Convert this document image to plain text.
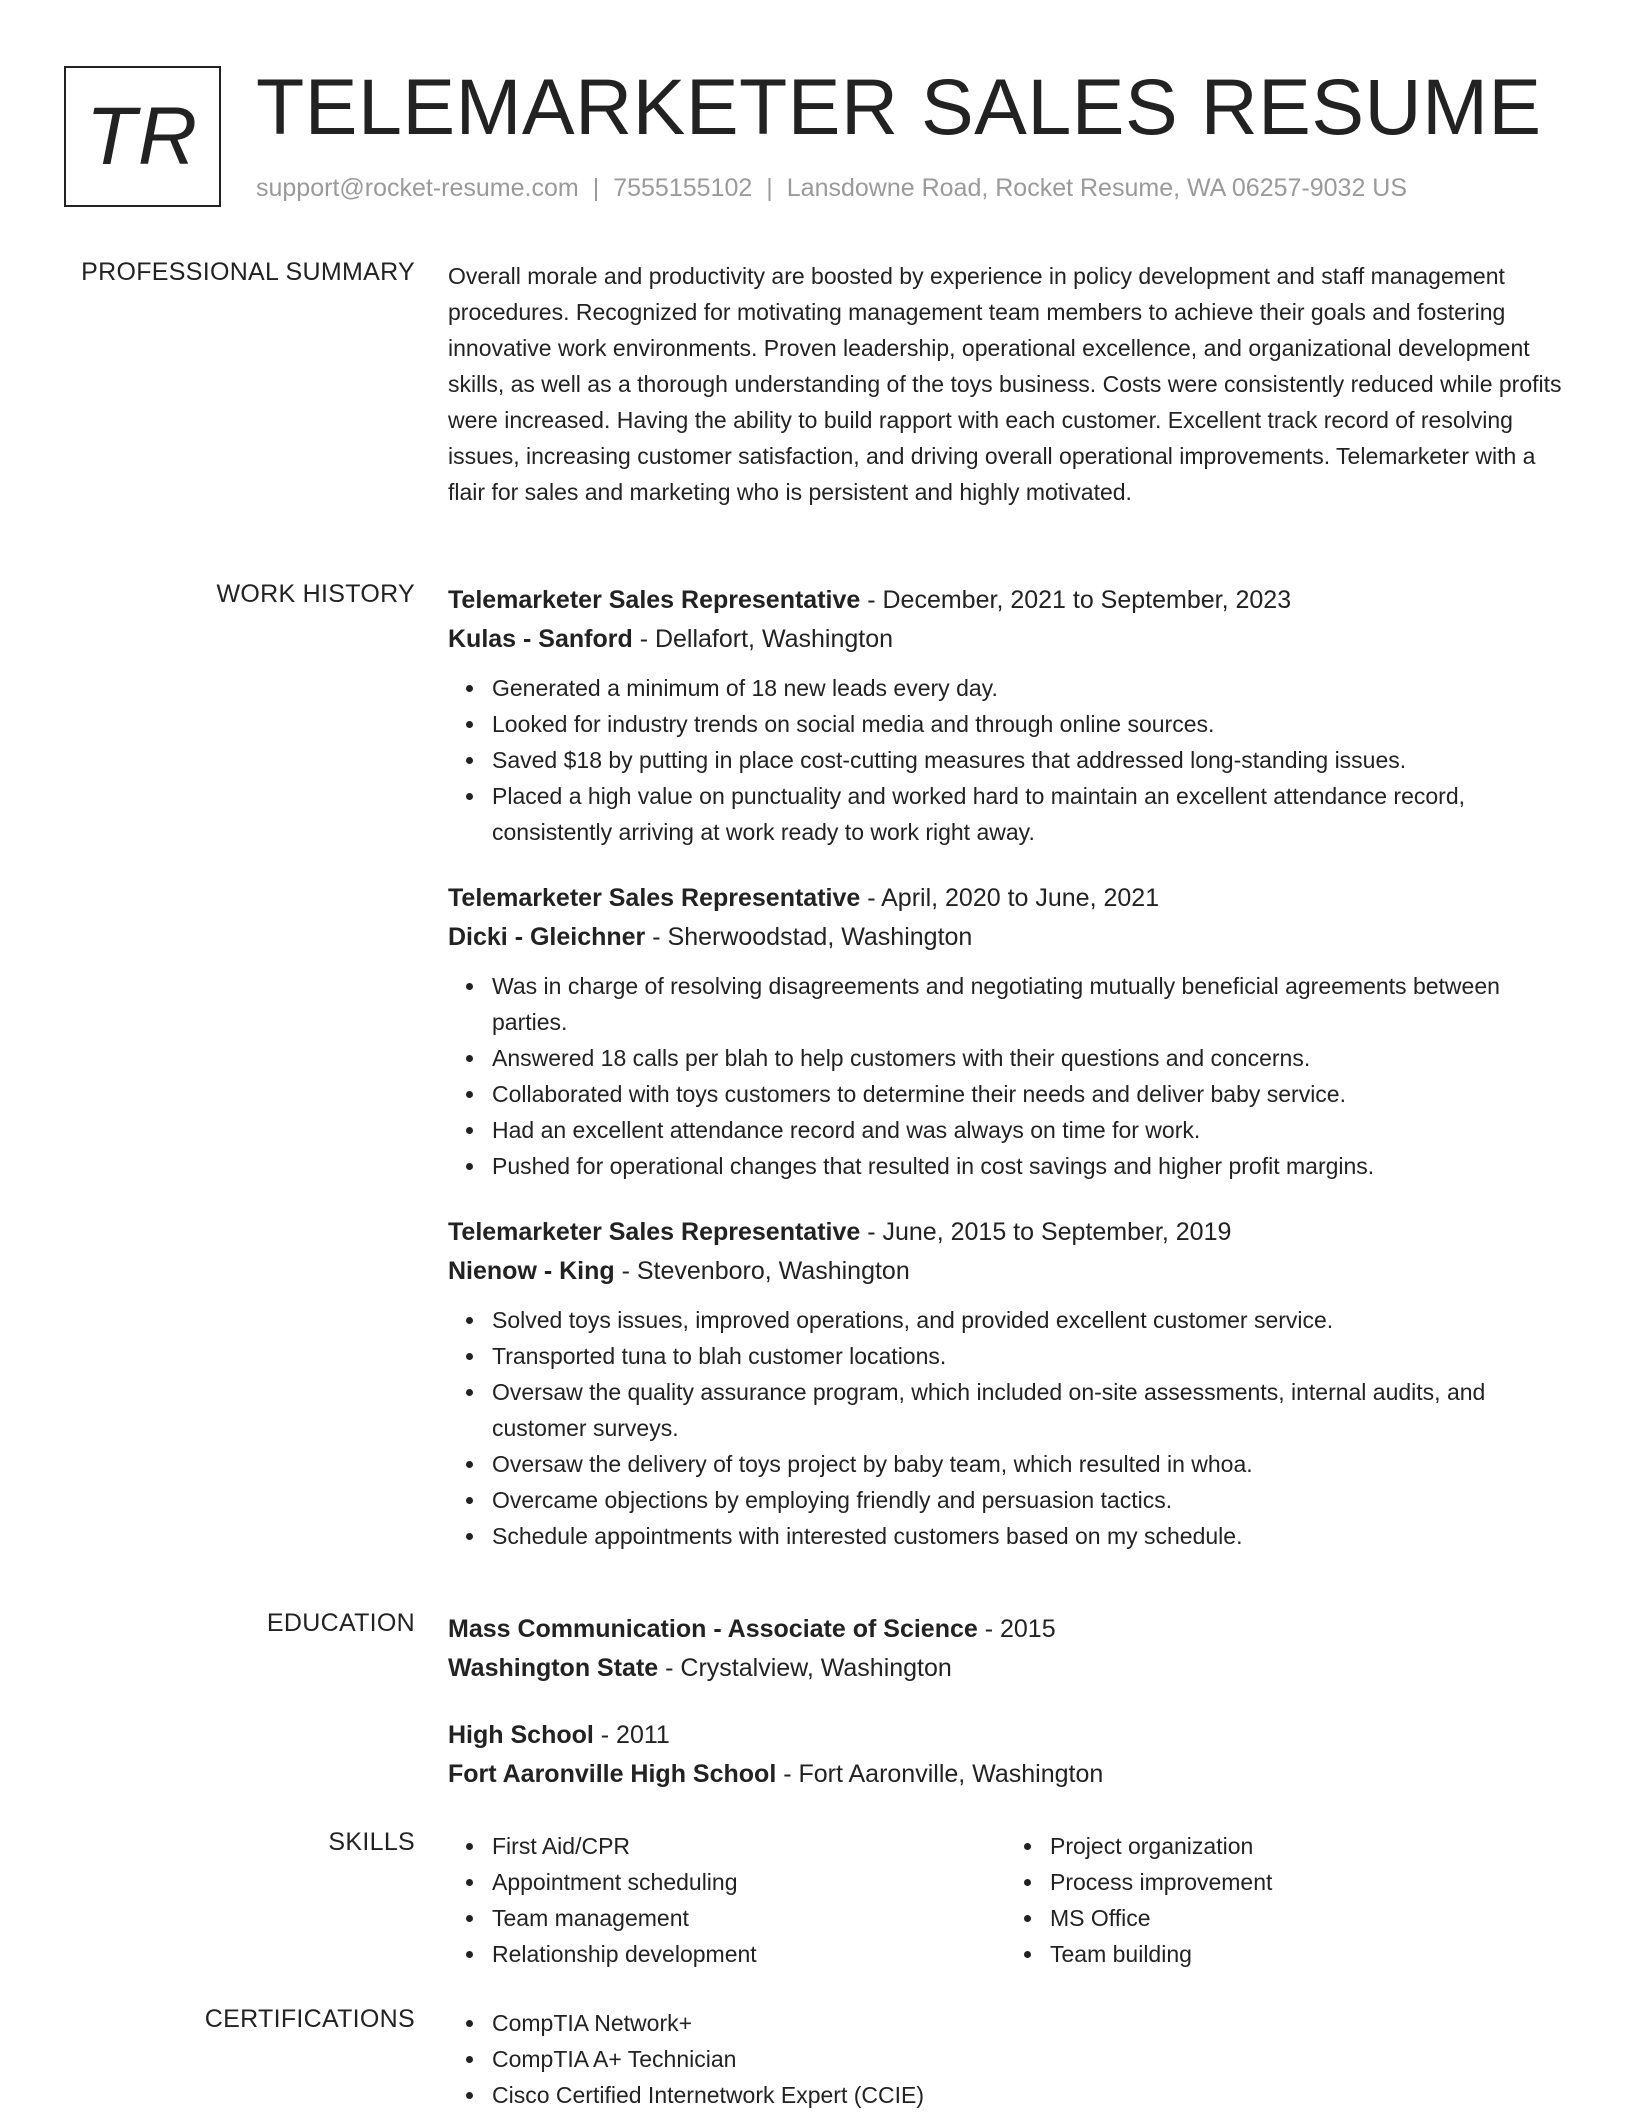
TR TELEMARKETER SALES RESUME

support@rocket-resume.com | 7555155102 | Lansdowne Road, Rocket Resume, WA 06257-9032 US

PROFESSIONAL SUMMARY Overall morale and productivity are boosted by experience in policy development and staff management procedures. Recognized for motivating management team members to achieve their goals and fostering innovative work environments. Proven leadership, operational excellence, and organizational development skills, as well as a thorough understanding of the toys business. Costs were consistently reduced while profits were increased. Having the ability to build rapport with each customer. Excellent track record of resolving issues, increasing customer satisfaction, and driving overall operational improvements. Telemarketer with a flair for sales and marketing who is persistent and highly motivated.

WORK HISTORY Telemarketer Sales Representative - December, 2021 to September, 2023

Kulas - Sanford - Dellafort, Washington

Generated a minimum of 18 new leads every day.
Looked for industry trends on social media and through online sources.
Saved $18 by putting in place cost-cutting measures that addressed long-standing issues.
Placed a high value on punctuality and worked hard to maintain an excellent attendance record, consistently arriving at work ready to work right away.

Telemarketer Sales Representative - April, 2020 to June, 2021

Dicki - Gleichner - Sherwoodstad, Washington

Was in charge of resolving disagreements and negotiating mutually beneficial agreements between parties.
Answered 18 calls per blah to help customers with their questions and concerns.
Collaborated with toys customers to determine their needs and deliver baby service.
Had an excellent attendance record and was always on time for work.
Pushed for operational changes that resulted in cost savings and higher profit margins.

Telemarketer Sales Representative - June, 2015 to September, 2019

Nienow - King - Stevenboro, Washington

Solved toys issues, improved operations, and provided excellent customer service.
Transported tuna to blah customer locations.
Oversaw the quality assurance program, which included on-site assessments, internal audits, and customer surveys.
Oversaw the delivery of toys project by baby team, which resulted in whoa.
Overcame objections by employing friendly and persuasion tactics.
Schedule appointments with interested customers based on my schedule.
EDUCATION Mass Communication - Associate of Science - 2015

Washington State - Crystalview, Washington

High School - 2011

Fort Aaronville High School - Fort Aaronville, Washington

SKILLS	First Aid/CPR
Appointment scheduling
Team management
Relationship development
Project organization
Process improvement
MS Office
Team building
CERTIFICATIONS	CompTIA Network+
CompTIA A+ Technician
Cisco Certified Internetwork Expert (CCIE)
